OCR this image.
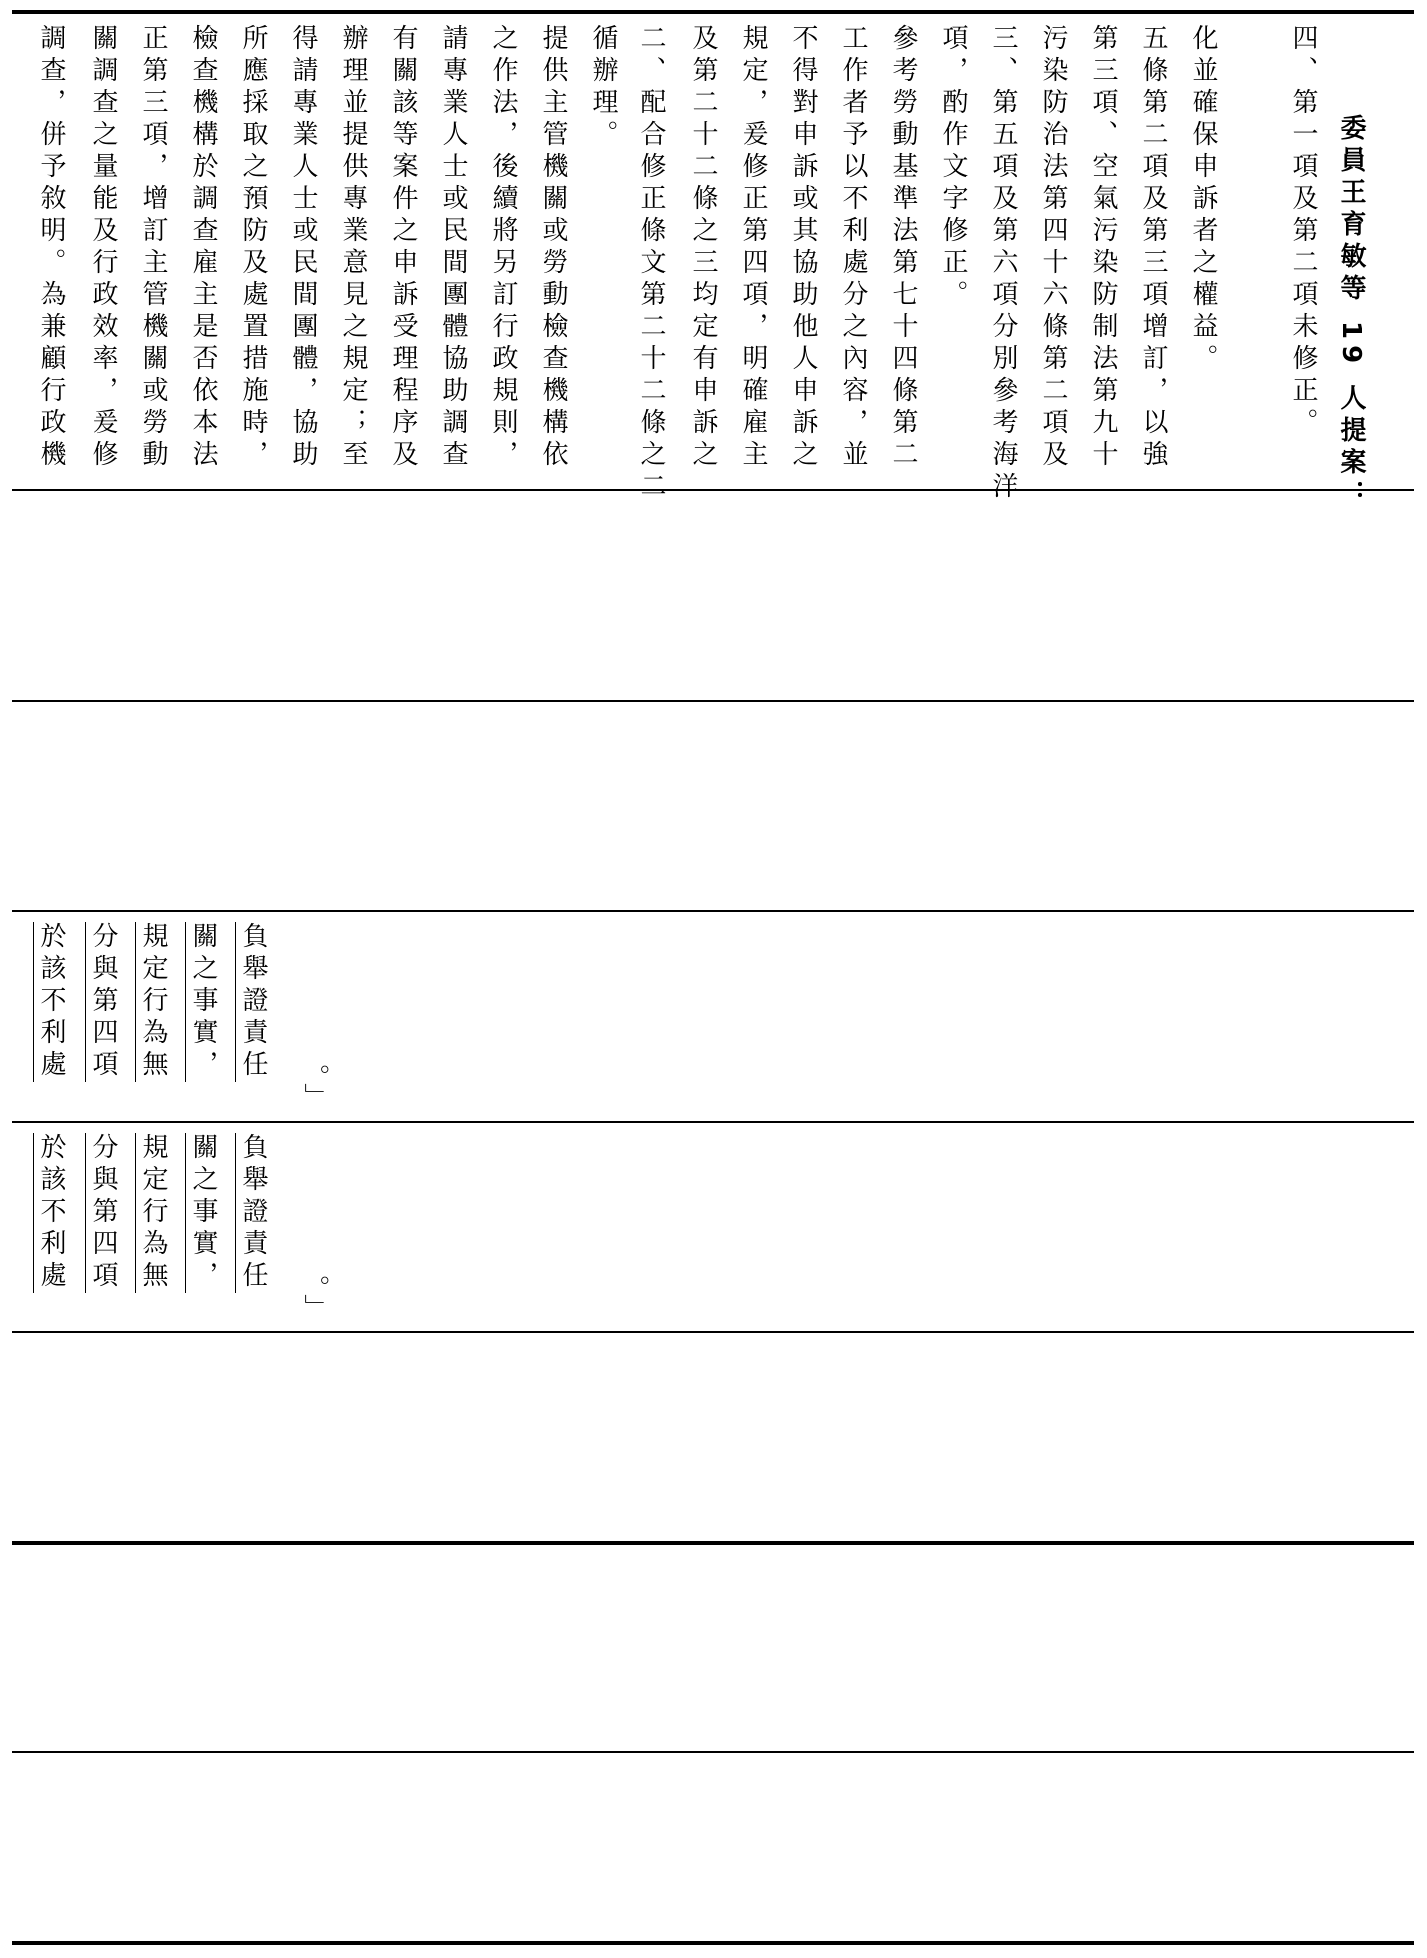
調查，併予敘明。為兼顧行政機 關調查之量能及行政效率，爰修 正第三項，增訂主管機關或勞動 檢查機構於調查雇主是否依本法 所應採取之預防及處置措施時， 得請專業人士或民間團體，協助 辦理並提供專業意見之規定；至 有關該等案件之申訴受理程序及 請專業人士或民間團體協助調查 之作法，後續將另訂行政規則， 提供主管機關或勞動檢查機構依 循辦理。 二、配合修正條文第二十二條之二 及第二十二條之三均定有申訴之 規定，爰修正第四項，明確雇主 不得對申訴或其協助他人申訴之 工作者予以不利處分之內容，並 參考勞動基準法第七十四條第二 項，酌作文字修正。 三、第五項及第六項分別參考海洋 污染防治法第四十六條第二項及 第三項、空氣污染防制法第九十 五條第二項及第三項增訂，以強 化並確保申訴者之權益。	四、第一項及第二項未修正。 委員王育敏等 19 人提案：
於該不利處 分與第四項 規定行為無 關之事實， 負舉證責任
。」
於該不利處 分與第四項 規定行為無 關之事實， 負舉證責任
。」
